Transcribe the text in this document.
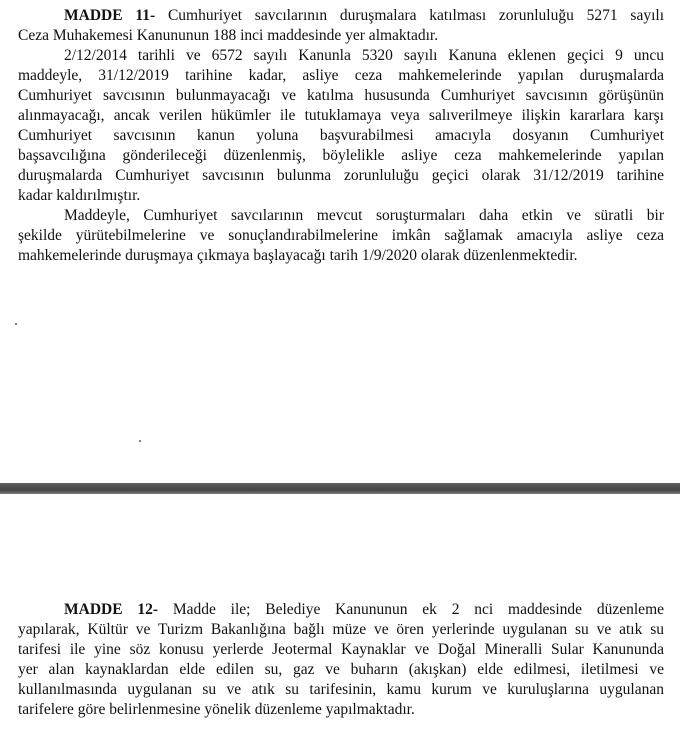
MADDE 11- Cumhuriyet savcılarının duruşmalara katılması zorunluluğu 5271 sayılı
Ceza Muhakemesi Kanununun 188 inci maddesinde yer almaktadır.
2/12/2014 tarihli ve 6572 sayılı Kanunla 5320 sayılı Kanuna eklenen geçici 9 uncu
maddeyle, 31/12/2019 tarihine kadar, asliye ceza mahkemelerinde yapılan duruşmalarda
Cumhuriyet savcısının bulunmayacağı ve katılma hususunda Cumhuriyet savcısının görüşünün
alınmayacağı, ancak verilen hükümler ile tutuklamaya veya salıverilmeye ilişkin kararlara karşı
Cumhuriyet savcısının kanun yoluna başvurabilmesi amacıyla dosyanın Cumhuriyet
başsavcılığına gönderileceği düzenlenmiş, böylelikle asliye ceza mahkemelerinde yapılan
duruşmalarda Cumhuriyet savcısının bulunma zorunluluğu geçici olarak 31/12/2019 tarihine
kadar kaldırılmıştır.
Maddeyle, Cumhuriyet savcılarının mevcut soruşturmaları daha etkin ve süratli bir
şekilde yürütebilmelerine ve sonuçlandırabilmelerine imkân sağlamak amacıyla asliye ceza
mahkemelerinde duruşmaya çıkmaya başlayacağı tarih 1/9/2020 olarak düzenlenmektedir.
MADDE 12- Madde ile; Belediye Kanununun ek 2 nci maddesinde düzenleme
yapılarak, Kültür ve Turizm Bakanlığına bağlı müze ve ören yerlerinde uygulanan su ve atık su
tarifesi ile yine söz konusu yerlerde Jeotermal Kaynaklar ve Doğal Mineralli Sular Kanununda
yer alan kaynaklardan elde edilen su, gaz ve buharın (akışkan) elde edilmesi, iletilmesi ve
kullanılmasında uygulanan su ve atık su tarifesinin, kamu kurum ve kuruluşlarına uygulanan
tarifelere göre belirlenmesine yönelik düzenleme yapılmaktadır.
